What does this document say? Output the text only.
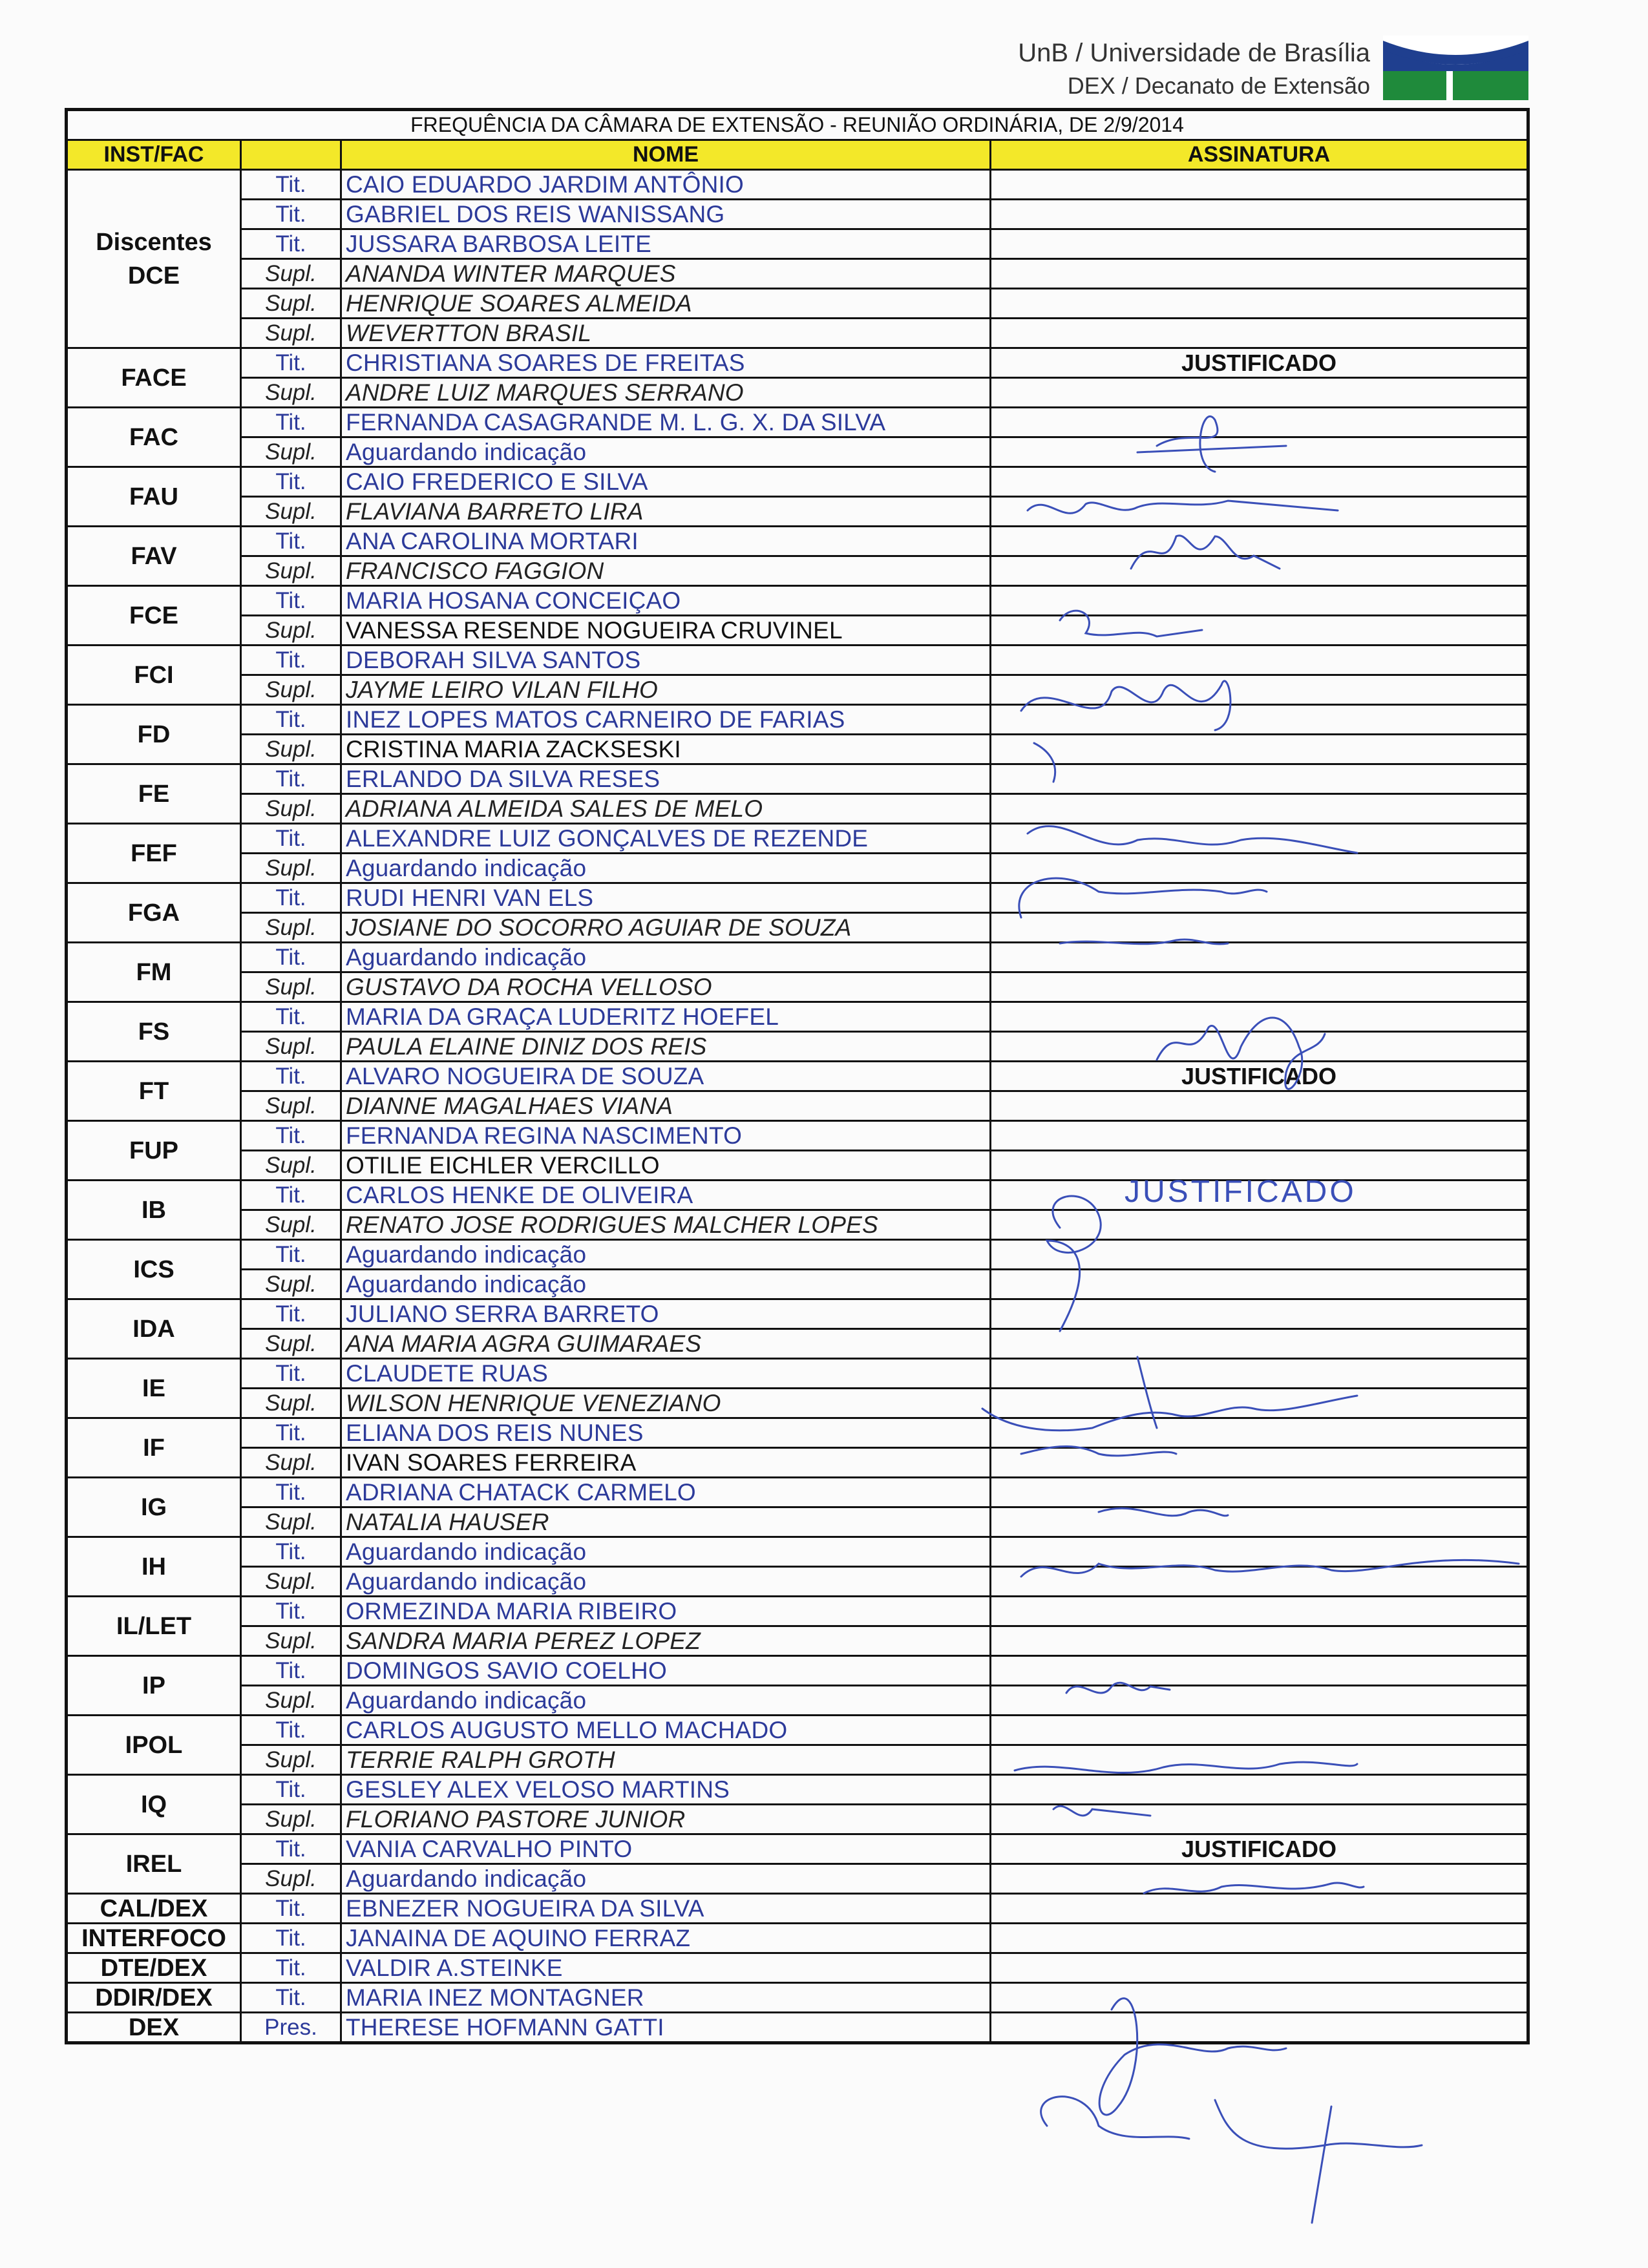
UnB / Universidade de Brasília
DEX / Decanato de Extensão
FREQUÊNCIA DA CÂMARA DE EXTENSÃO - REUNIÃO ORDINÁRIA, DE 2/9/2014			
INST/FAC		NOME	ASSINATURA
Discentes DCE	Tit.	CAIO EDUARDO JARDIM ANTÔNIO	
	Tit.	GABRIEL DOS REIS WANISSANG	
	Tit.	JUSSARA BARBOSA LEITE	
	Supl.	ANANDA WINTER MARQUES	
	Supl.	HENRIQUE SOARES ALMEIDA	
	Supl.	WEVERTTON BRASIL	
FACE	Tit.	CHRISTIANA SOARES DE FREITAS	JUSTIFICADO
	Supl.	ANDRE LUIZ MARQUES SERRANO	
FAC	Tit.	FERNANDA CASAGRANDE M. L. G. X. DA SILVA	
	Supl.	Aguardando indicação	
FAU	Tit.	CAIO FREDERICO E SILVA	
	Supl.	FLAVIANA BARRETO LIRA	
FAV	Tit.	ANA CAROLINA MORTARI	
	Supl.	FRANCISCO FAGGION	
FCE	Tit.	MARIA HOSANA CONCEIÇAO	
	Supl.	VANESSA RESENDE NOGUEIRA CRUVINEL	
FCI	Tit.	DEBORAH SILVA SANTOS	
	Supl.	JAYME LEIRO VILAN FILHO	
FD	Tit.	INEZ LOPES MATOS CARNEIRO DE FARIAS	
	Supl.	CRISTINA MARIA ZACKSESKI	
FE	Tit.	ERLANDO DA SILVA RESES	
	Supl.	ADRIANA ALMEIDA SALES DE MELO	
FEF	Tit.	ALEXANDRE LUIZ GONÇALVES DE REZENDE	
	Supl.	Aguardando indicação	
FGA	Tit.	RUDI HENRI VAN ELS	
	Supl.	JOSIANE DO SOCORRO AGUIAR DE SOUZA	
FM	Tit.	Aguardando indicação	
	Supl.	GUSTAVO DA ROCHA VELLOSO	
FS	Tit.	MARIA DA GRAÇA LUDERITZ HOEFEL	
	Supl.	PAULA ELAINE DINIZ DOS REIS	
FT	Tit.	ALVARO NOGUEIRA DE SOUZA	JUSTIFICADO
	Supl.	DIANNE MAGALHAES VIANA	
FUP	Tit.	FERNANDA REGINA NASCIMENTO	
	Supl.	OTILIE EICHLER VERCILLO	
IB	Tit.	CARLOS HENKE DE OLIVEIRA	
	Supl.	RENATO JOSE RODRIGUES MALCHER LOPES	
ICS	Tit.	Aguardando indicação	
	Supl.	Aguardando indicação	
IDA	Tit.	JULIANO SERRA BARRETO	
	Supl.	ANA MARIA AGRA GUIMARAES	
IE	Tit.	CLAUDETE RUAS	
	Supl.	WILSON HENRIQUE VENEZIANO	
IF	Tit.	ELIANA DOS REIS NUNES	
	Supl.	IVAN SOARES FERREIRA	
IG	Tit.	ADRIANA CHATACK CARMELO	
	Supl.	NATALIA HAUSER	
IH	Tit.	Aguardando indicação	
	Supl.	Aguardando indicação	
IL/LET	Tit.	ORMEZINDA MARIA RIBEIRO	
	Supl.	SANDRA MARIA PEREZ LOPEZ	
IP	Tit.	DOMINGOS SAVIO COELHO	
	Supl.	Aguardando indicação	
IPOL	Tit.	CARLOS AUGUSTO MELLO MACHADO	
	Supl.	TERRIE RALPH GROTH	
IQ	Tit.	GESLEY ALEX VELOSO MARTINS	
	Supl.	FLORIANO PASTORE JUNIOR	
IREL	Tit.	VANIA CARVALHO PINTO	JUSTIFICADO
	Supl.	Aguardando indicação	
CAL/DEX	Tit.	EBNEZER NOGUEIRA DA SILVA	
INTERFOCO	Tit.	JANAINA DE AQUINO FERRAZ	
DTE/DEX	Tit.	VALDIR A.STEINKE	
DDIR/DEX	Tit.	MARIA INEZ MONTAGNER	
DEX	Pres.	THERESE HOFMANN GATTI	
JUSTIFICADO
